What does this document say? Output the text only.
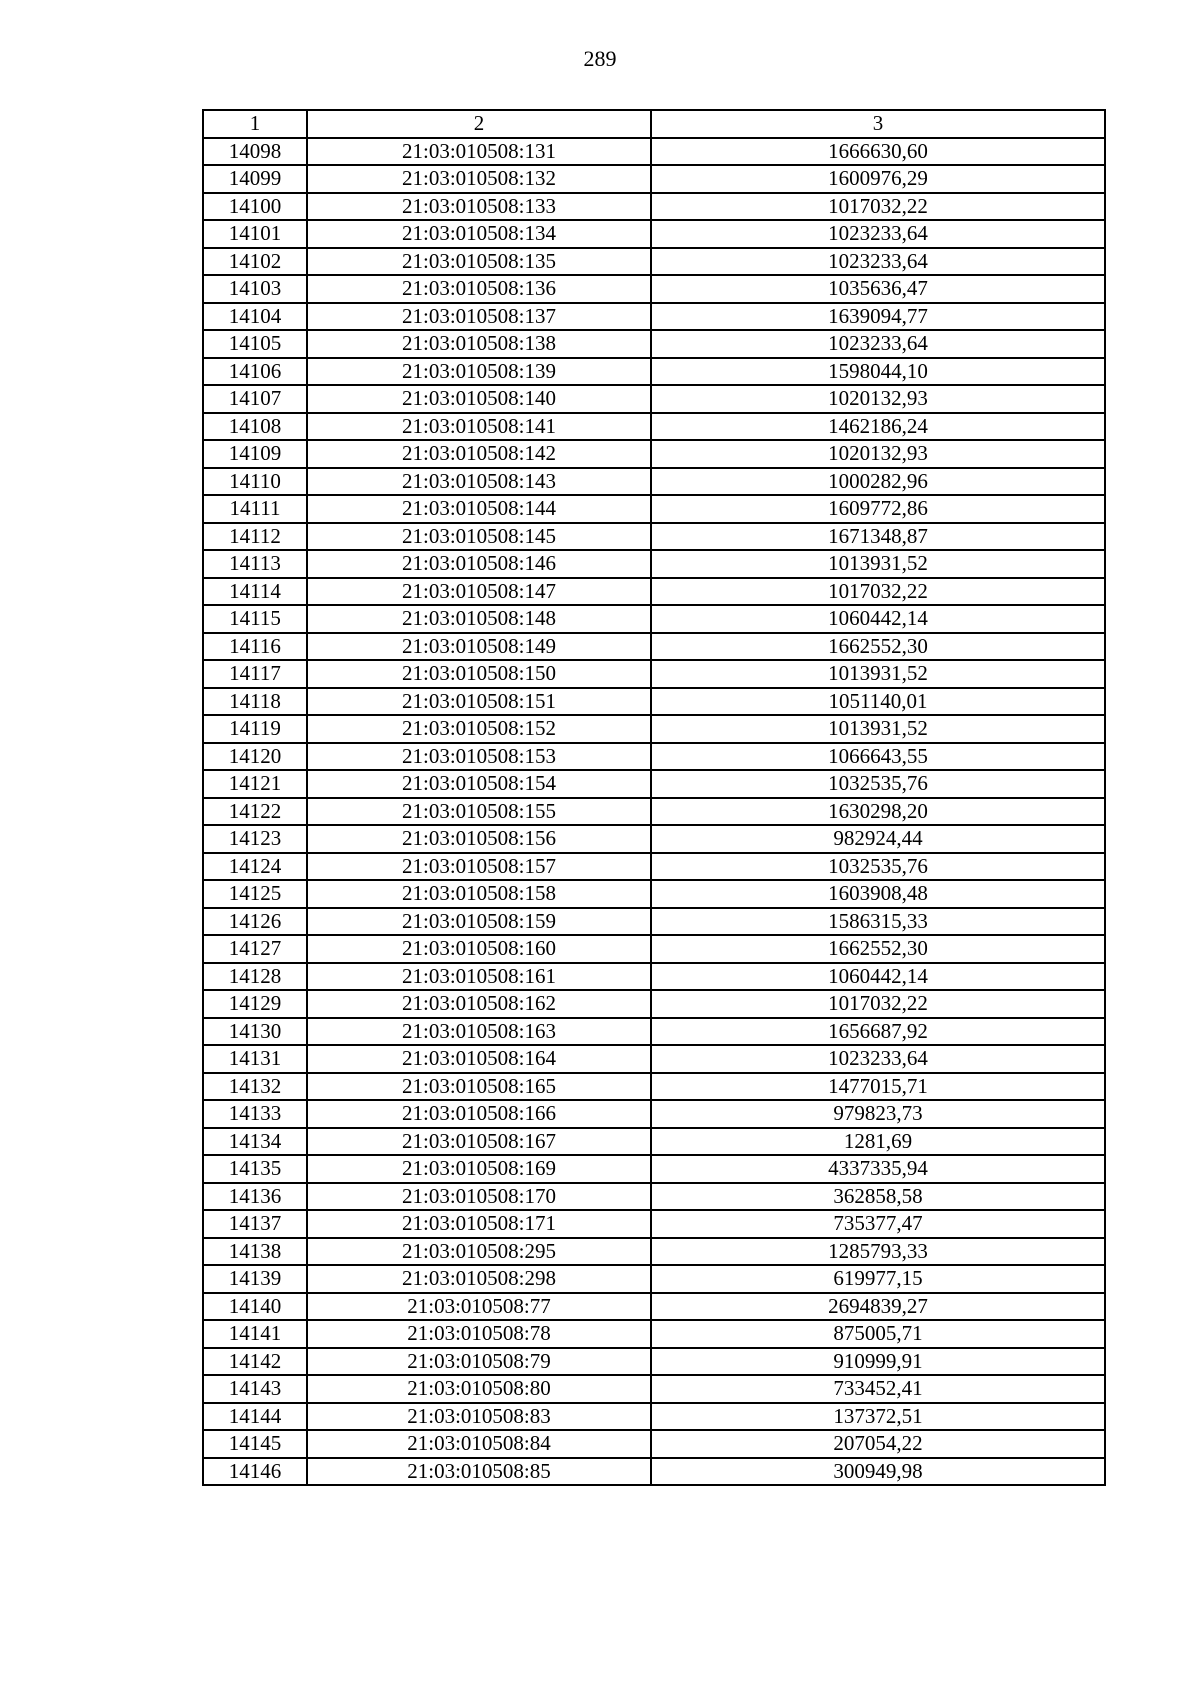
289
1	2	3
14098	21:03:010508:131	1666630,60
14099	21:03:010508:132	1600976,29
14100	21:03:010508:133	1017032,22
14101	21:03:010508:134	1023233,64
14102	21:03:010508:135	1023233,64
14103	21:03:010508:136	1035636,47
14104	21:03:010508:137	1639094,77
14105	21:03:010508:138	1023233,64
14106	21:03:010508:139	1598044,10
14107	21:03:010508:140	1020132,93
14108	21:03:010508:141	1462186,24
14109	21:03:010508:142	1020132,93
14110	21:03:010508:143	1000282,96
14111	21:03:010508:144	1609772,86
14112	21:03:010508:145	1671348,87
14113	21:03:010508:146	1013931,52
14114	21:03:010508:147	1017032,22
14115	21:03:010508:148	1060442,14
14116	21:03:010508:149	1662552,30
14117	21:03:010508:150	1013931,52
14118	21:03:010508:151	1051140,01
14119	21:03:010508:152	1013931,52
14120	21:03:010508:153	1066643,55
14121	21:03:010508:154	1032535,76
14122	21:03:010508:155	1630298,20
14123	21:03:010508:156	982924,44
14124	21:03:010508:157	1032535,76
14125	21:03:010508:158	1603908,48
14126	21:03:010508:159	1586315,33
14127	21:03:010508:160	1662552,30
14128	21:03:010508:161	1060442,14
14129	21:03:010508:162	1017032,22
14130	21:03:010508:163	1656687,92
14131	21:03:010508:164	1023233,64
14132	21:03:010508:165	1477015,71
14133	21:03:010508:166	979823,73
14134	21:03:010508:167	1281,69
14135	21:03:010508:169	4337335,94
14136	21:03:010508:170	362858,58
14137	21:03:010508:171	735377,47
14138	21:03:010508:295	1285793,33
14139	21:03:010508:298	619977,15
14140	21:03:010508:77	2694839,27
14141	21:03:010508:78	875005,71
14142	21:03:010508:79	910999,91
14143	21:03:010508:80	733452,41
14144	21:03:010508:83	137372,51
14145	21:03:010508:84	207054,22
14146	21:03:010508:85	300949,98
